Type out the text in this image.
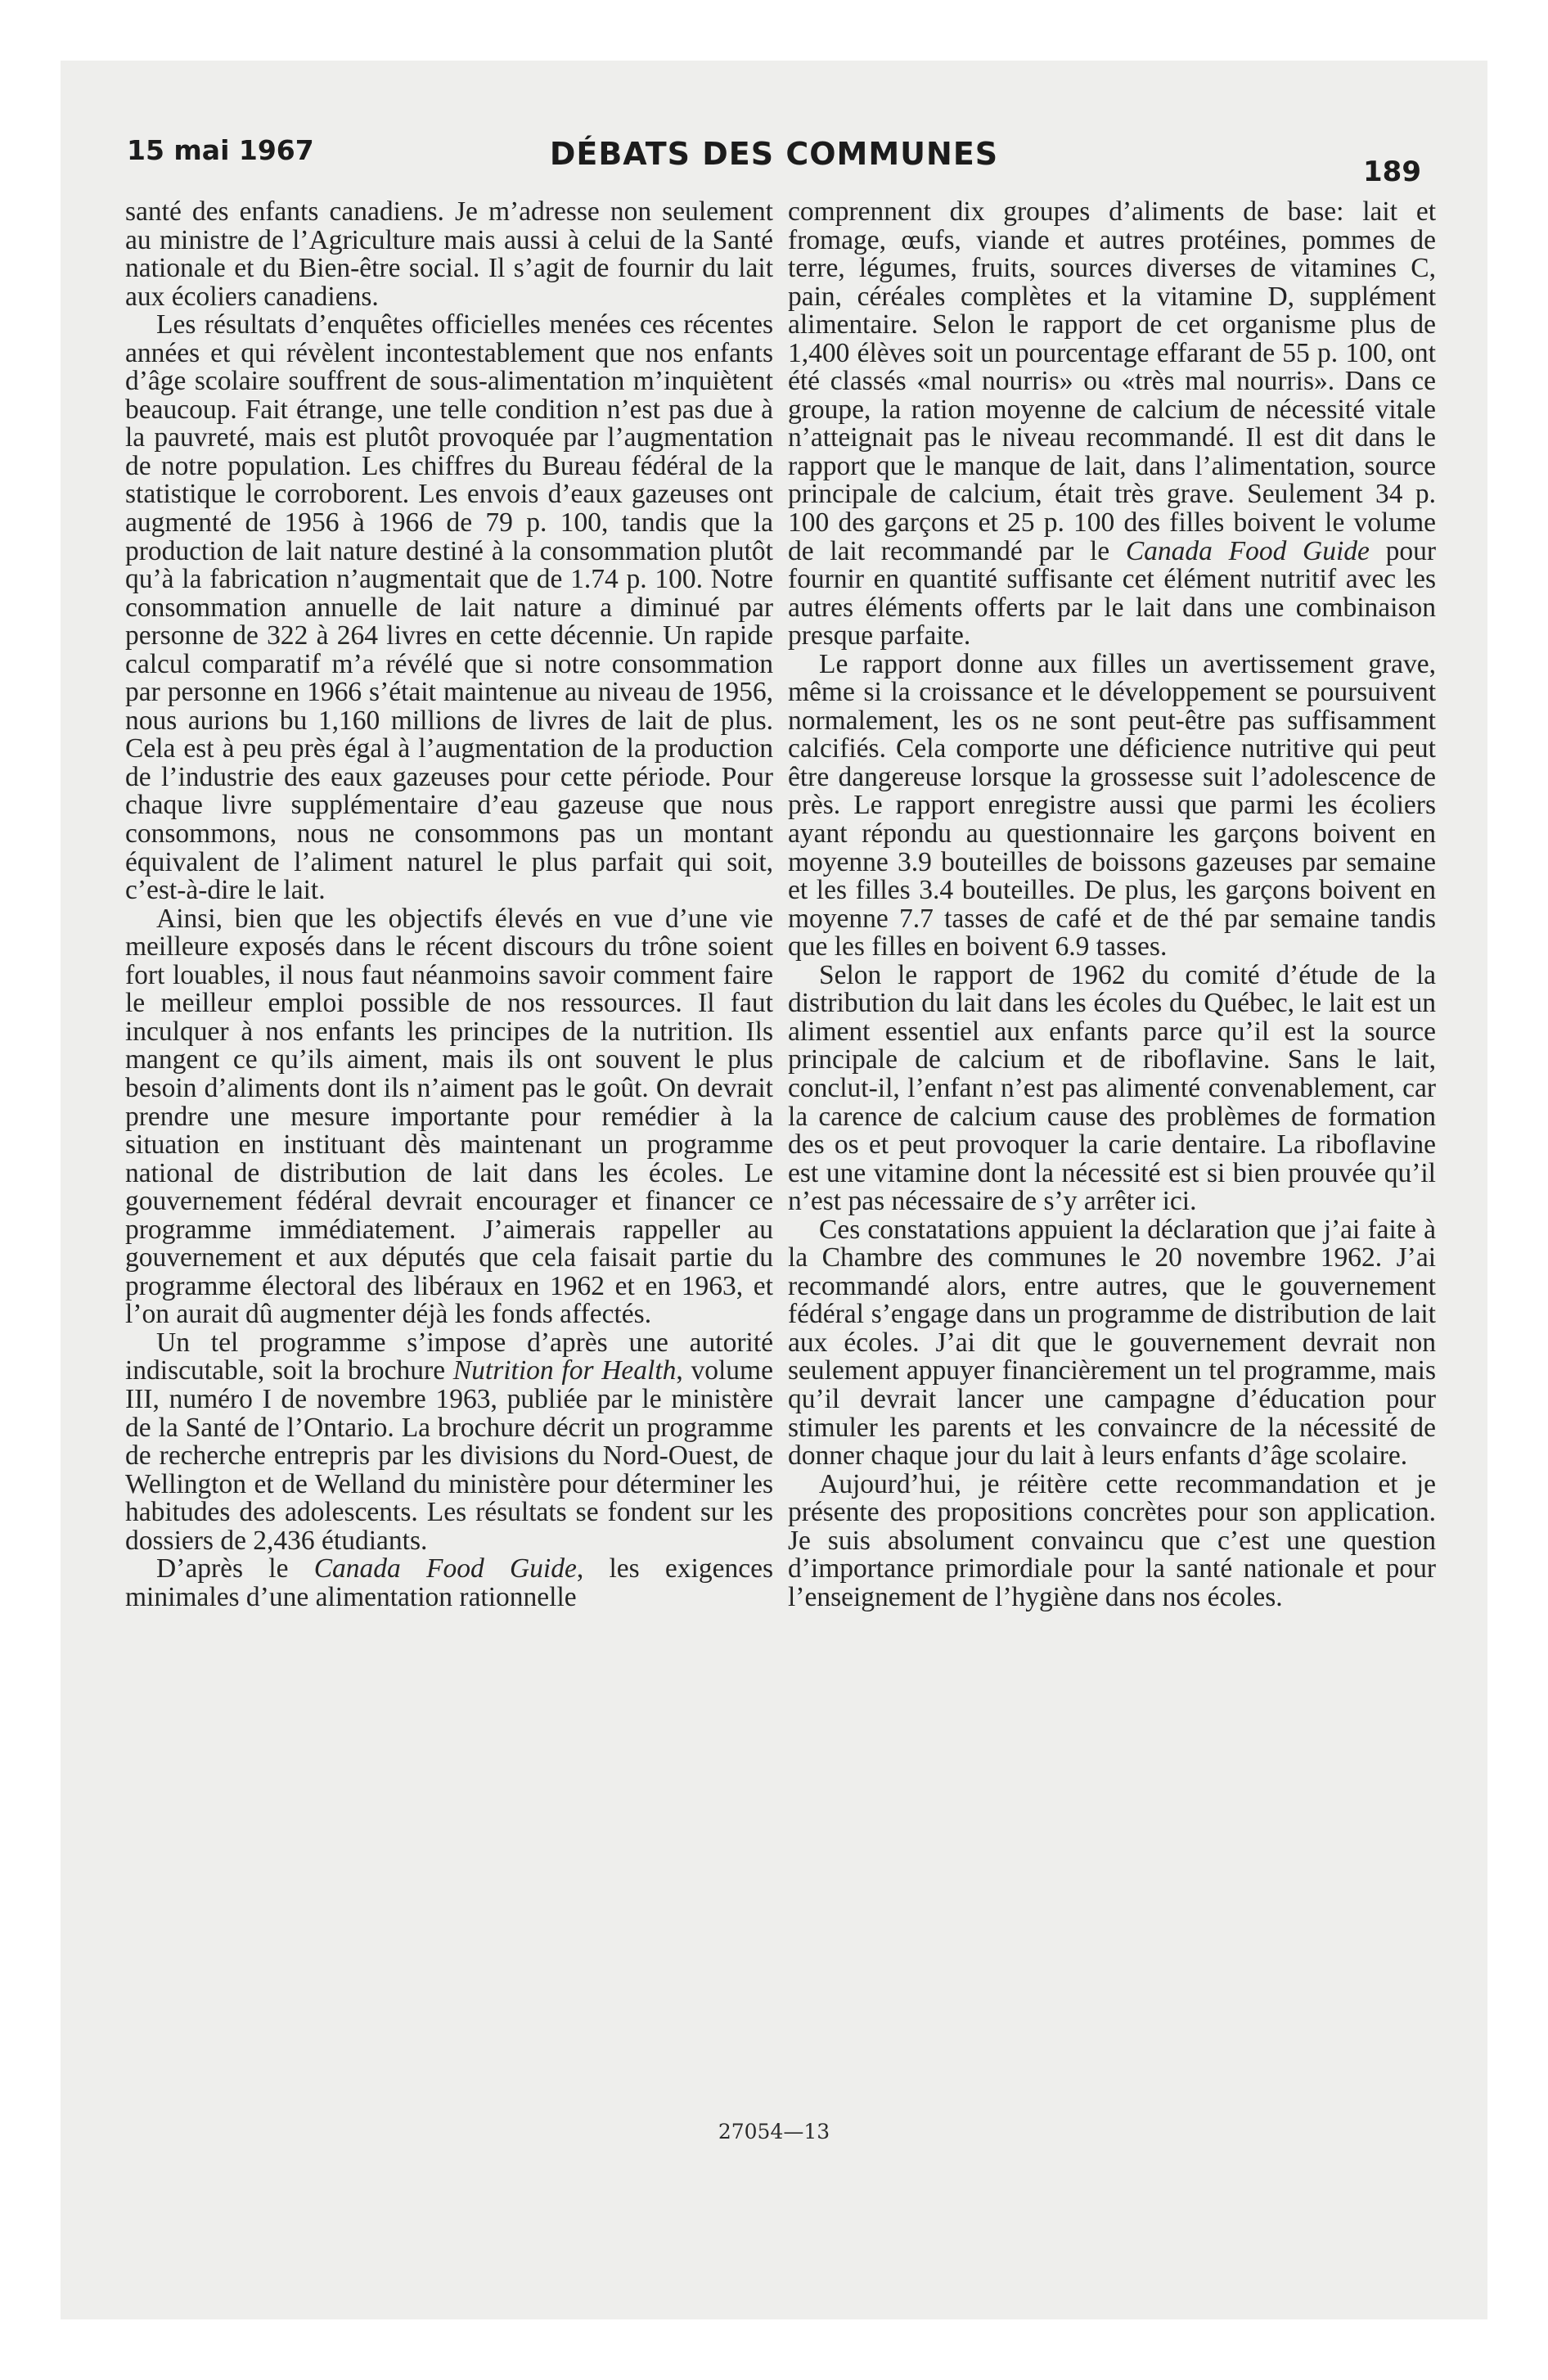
15 mai 1967	DÉBATS DES COMMUNES	189

santé des enfants canadiens. Je m’adresse non seulement au ministre de l’Agriculture mais aussi à celui de la Santé nationale et du Bien-être social. Il s’agit de fournir du lait aux écoliers canadiens.

Les résultats d’enquêtes officielles menées ces récentes années et qui révèlent incontestablement que nos enfants d’âge scolaire souffrent de sous-alimentation m’inquiètent beaucoup. Fait étrange, une telle condition n’est pas due à la pauvreté, mais est plutôt provoquée par l’augmentation de notre population. Les chiffres du Bureau fédéral de la statistique le corroborent. Les envois d’eaux gazeuses ont augmenté de 1956 à 1966 de 79 p. 100, tandis que la production de lait nature destiné à la consommation plutôt qu’à la fabrication n’augmentait que de 1.74 p. 100. Notre consommation annuelle de lait nature a diminué par personne de 322 à 264 livres en cette décennie. Un rapide calcul comparatif m’a révélé que si notre consommation par personne en 1966 s’était maintenue au niveau de 1956, nous aurions bu 1,160 millions de livres de lait de plus. Cela est à peu près égal à l’augmentation de la production de l’industrie des eaux gazeuses pour cette période. Pour chaque livre supplémentaire d’eau gazeuse que nous consommons, nous ne consommons pas un montant équivalent de l’aliment naturel le plus parfait qui soit, c’est-à-dire le lait.

Ainsi, bien que les objectifs élevés en vue d’une vie meilleure exposés dans le récent discours du trône soient fort louables, il nous faut néanmoins savoir comment faire le meilleur emploi possible de nos ressources. Il faut inculquer à nos enfants les principes de la nutrition. Ils mangent ce qu’ils aiment, mais ils ont souvent le plus besoin d’aliments dont ils n’aiment pas le goût. On devrait prendre une mesure importante pour remédier à la situation en instituant dès maintenant un programme national de distribution de lait dans les écoles. Le gouvernement fédéral devrait encourager et financer ce programme immédiatement. J’aimerais rappeller au gouvernement et aux députés que cela faisait partie du programme électoral des libéraux en 1962 et en 1963, et l’on aurait dû augmenter déjà les fonds affectés.

Un tel programme s’impose d’après une autorité indiscutable, soit la brochure Nutrition for Health, volume III, numéro I de novembre 1963, publiée par le ministère de la Santé de l’Ontario. La brochure décrit un programme de recherche entrepris par les divisions du Nord-Ouest, de Wellington et de Welland du ministère pour déterminer les habitudes des adolescents. Les résultats se fondent sur les dossiers de 2,436 étudiants.

D’après le Canada Food Guide, les exigences minimales d’une alimentation rationnelle

comprennent dix groupes d’aliments de base: lait et fromage, œufs, viande et autres protéines, pommes de terre, légumes, fruits, sources diverses de vitamines C, pain, céréales complètes et la vitamine D, supplément alimentaire. Selon le rapport de cet organisme plus de 1,400 élèves soit un pourcentage effarant de 55 p. 100, ont été classés «mal nourris» ou «très mal nourris». Dans ce groupe, la ration moyenne de calcium de nécessité vitale n’atteignait pas le niveau recommandé. Il est dit dans le rapport que le manque de lait, dans l’alimentation, source principale de calcium, était très grave. Seulement 34 p. 100 des garçons et 25 p. 100 des filles boivent le volume de lait recommandé par le Canada Food Guide pour fournir en quantité suffisante cet élément nutritif avec les autres éléments offerts par le lait dans une combinaison presque parfaite.

Le rapport donne aux filles un avertissement grave, même si la croissance et le développement se poursuivent normalement, les os ne sont peut-être pas suffisamment calcifiés. Cela comporte une déficience nutritive qui peut être dangereuse lorsque la grossesse suit l’adolescence de près. Le rapport enregistre aussi que parmi les écoliers ayant répondu au questionnaire les garçons boivent en moyenne 3.9 bouteilles de boissons gazeuses par semaine et les filles 3.4 bouteilles. De plus, les garçons boivent en moyenne 7.7 tasses de café et de thé par semaine tandis que les filles en boivent 6.9 tasses.

Selon le rapport de 1962 du comité d’étude de la distribution du lait dans les écoles du Québec, le lait est un aliment essentiel aux enfants parce qu’il est la source principale de calcium et de riboflavine. Sans le lait, conclut-il, l’enfant n’est pas alimenté convenablement, car la carence de calcium cause des problèmes de formation des os et peut provoquer la carie dentaire. La riboflavine est une vitamine dont la nécessité est si bien prouvée qu’il n’est pas nécessaire de s’y arrêter ici.

Ces constatations appuient la déclaration que j’ai faite à la Chambre des communes le 20 novembre 1962. J’ai recommandé alors, entre autres, que le gouvernement fédéral s’engage dans un programme de distribution de lait aux écoles. J’ai dit que le gouvernement devrait non seulement appuyer financièrement un tel programme, mais qu’il devrait lancer une campagne d’éducation pour stimuler les parents et les convaincre de la nécessité de donner chaque jour du lait à leurs enfants d’âge scolaire.

Aujourd’hui, je réitère cette recommandation et je présente des propositions concrètes pour son application. Je suis absolument convaincu que c’est une question d’importance primordiale pour la santé nationale et pour l’enseignement de l’hygiène dans nos écoles.

27054—13
